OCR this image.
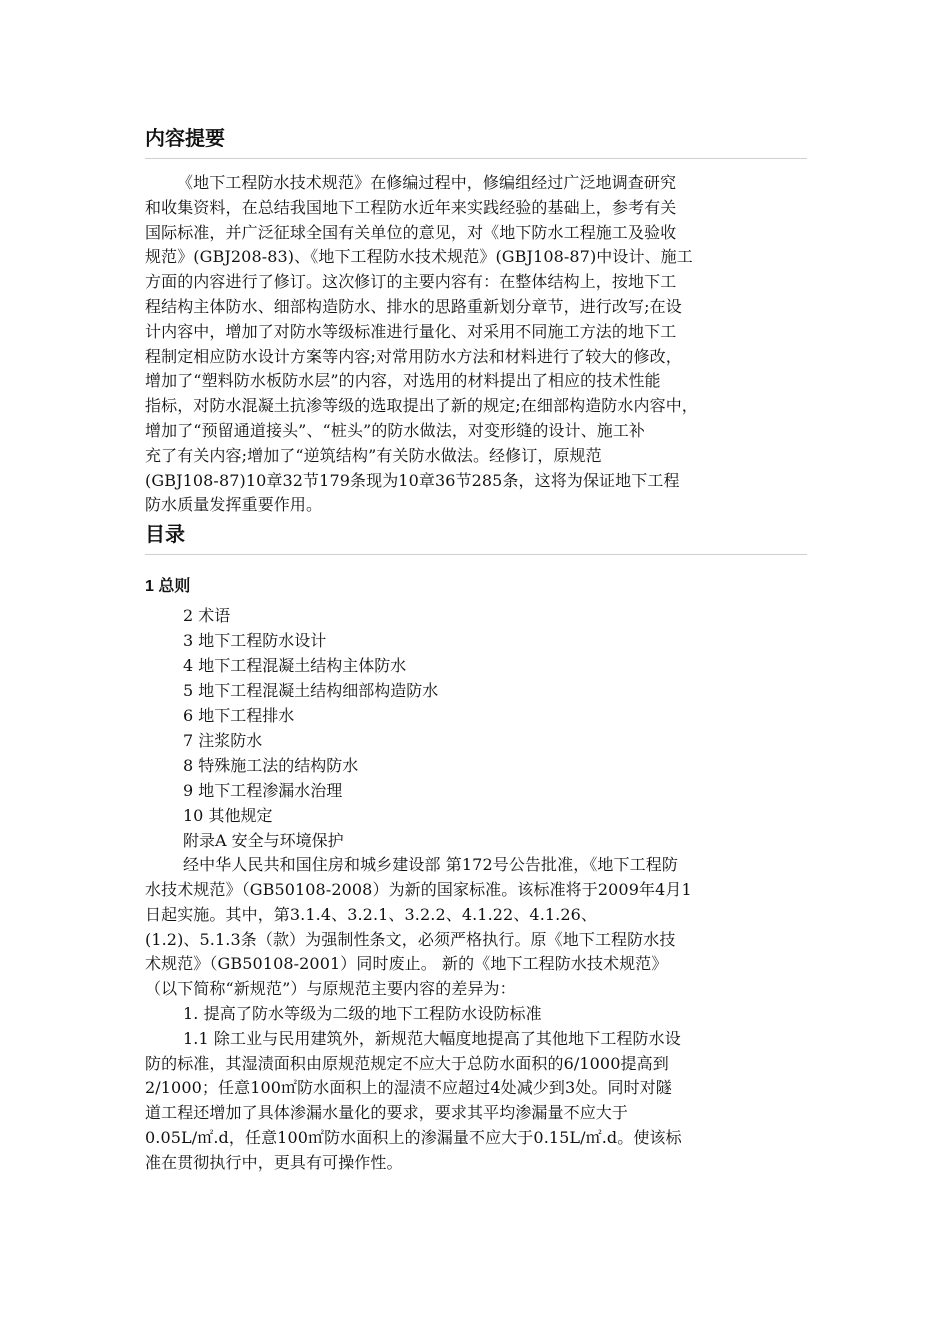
内容提要

《地下工程防水技术规范》在修编过程中，修编组经过广泛地调查研究
和收集资料，在总结我国地下工程防水近年来实践经验的基础上，参考有关
国际标准，并广泛征球全国有关单位的意见，对《地下防水工程施工及验收
规范》(GBJ208-83)、《地下工程防水技术规范》(GBJ108-87)中设计、施工
方面的内容进行了修订。这次修订的主要内容有：在整体结构上，按地下工
程结构主体防水、细部构造防水、排水的思路重新划分章节，进行改写;在设
计内容中，增加了对防水等级标准进行量化、对采用不同施工方法的地下工
程制定相应防水设计方案等内容;对常用防水方法和材料进行了较大的修改，
增加了“塑料防水板防水层”的内容，对选用的材料提出了相应的技术性能
指标，对防水混凝土抗渗等级的选取提出了新的规定;在细部构造防水内容中，
增加了“预留通道接头”、“桩头”的防水做法，对变形缝的设计、施工补
充了有关内容;增加了“逆筑结构”有关防水做法。经修订，原规范
(GBJ108-87)10章32节179条现为10章36节285条，这将为保证地下工程
防水质量发挥重要作用。

目录
1 总则
2 术语
3 地下工程防水设计
4 地下工程混凝土结构主体防水
5 地下工程混凝土结构细部构造防水
6 地下工程排水
7 注浆防水
8 特殊施工法的结构防水
9 地下工程渗漏水治理
10 其他规定
附录A 安全与环境保护

经中华人民共和国住房和城乡建设部 第172号公告批准，《地下工程防
水技术规范》（GB50108-2008）为新的国家标准。该标准将于2009年4月1
日起实施。其中，第3.1.4、3.2.1、3.2.2、4.1.22、4.1.26、
(1.2)、5.1.3条（款）为强制性条文，必须严格执行。原《地下工程防水技
术规范》（GB50108-2001）同时废止。 新的《地下工程防水技术规范》
（以下简称“新规范”）与原规范主要内容的差异为：

1. 提高了防水等级为二级的地下工程防水设防标准

1.1 除工业与民用建筑外，新规范大幅度地提高了其他地下工程防水设
防的标准，其湿渍面积由原规范规定不应大于总防水面积的6/1000提高到
2/1000；任意100㎡防水面积上的湿渍不应超过4处减少到3处。同时对隧
道工程还增加了具体渗漏水量化的要求，要求其平均渗漏量不应大于
0.05L/㎡.d，任意100㎡防水面积上的渗漏量不应大于0.15L/㎡.d。使该标
准在贯彻执行中，更具有可操作性。
